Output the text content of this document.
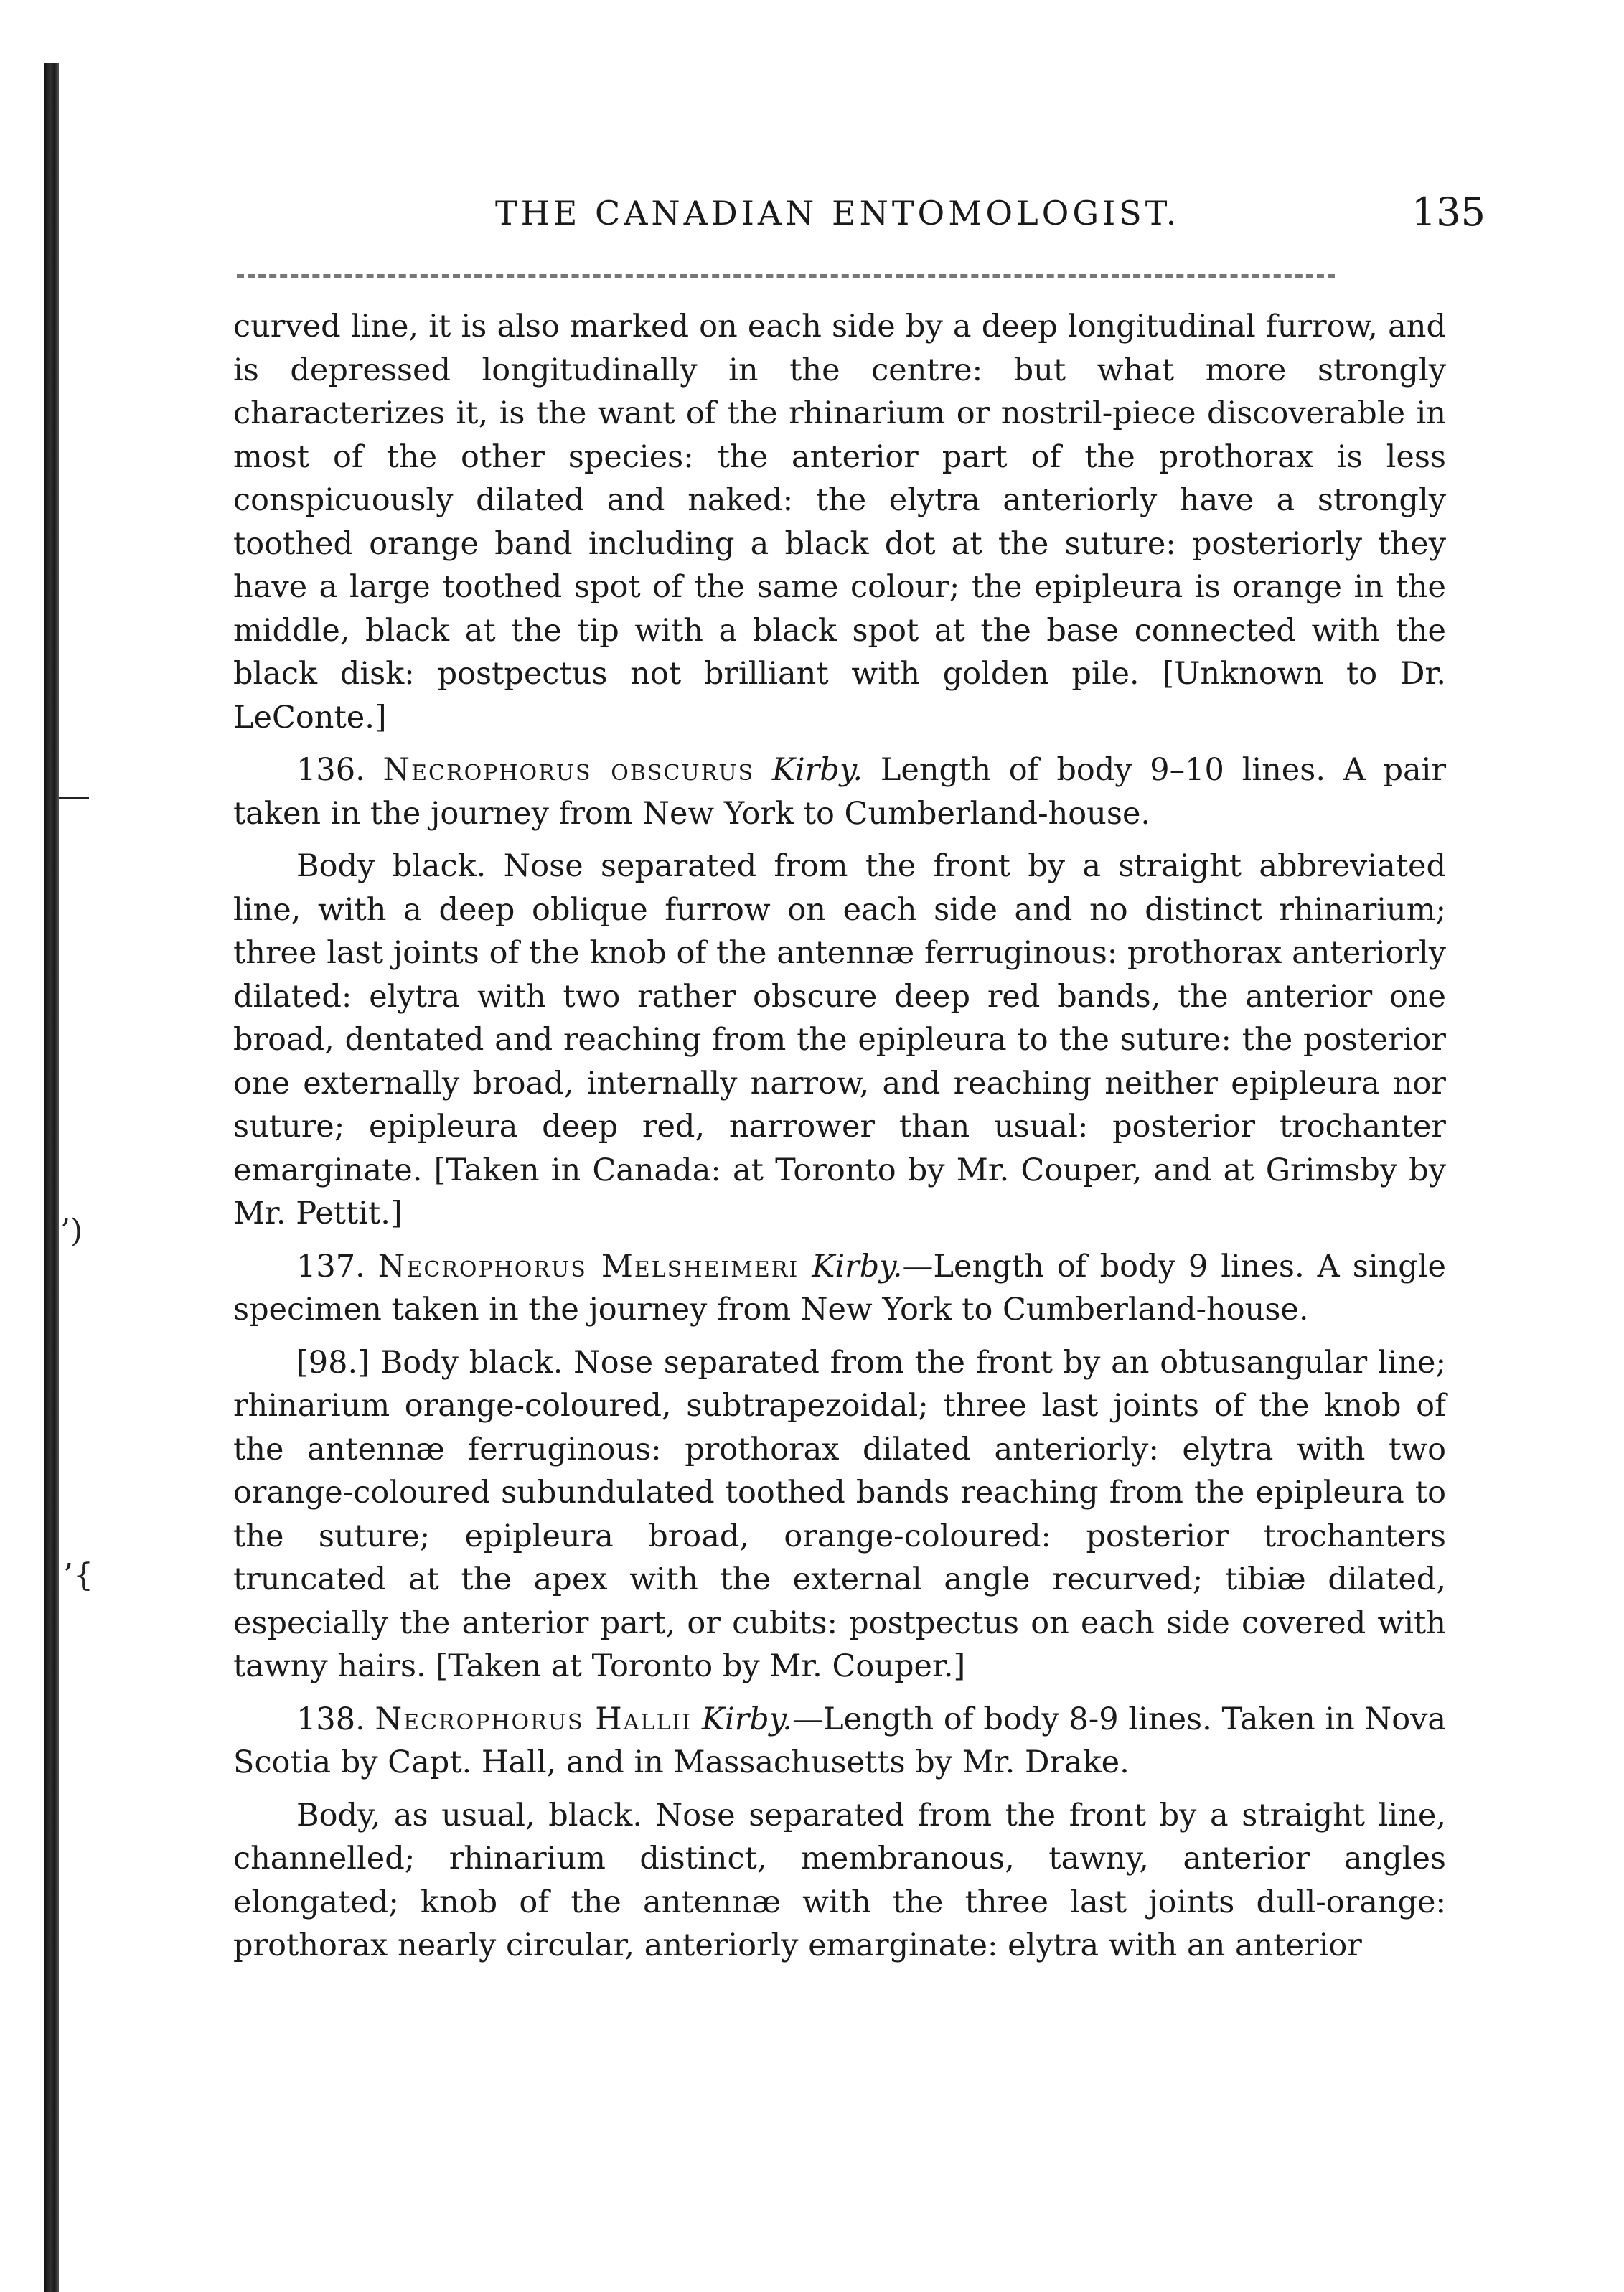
THE CANADIAN ENTOMOLOGIST.	135
’)
’{

curved line, it is also marked on each side by a deep longitudinal furrow, and is depressed longitudinally in the centre: but what more strongly characterizes it, is the want of the rhinarium or nostril-piece discoverable in most of the other species: the anterior part of the prothorax is less conspicuously dilated and naked: the elytra anteriorly have a strongly toothed orange band including a black dot at the suture: posteriorly they have a large toothed spot of the same colour; the epipleura is orange in the middle, black at the tip with a black spot at the base connected with the black disk: postpectus not brilliant with golden pile. [Unknown to Dr. LeConte.]

136. Necrophorus obscurus Kirby. Length of body 9–10 lines. A pair taken in the journey from New York to Cumberland-house.

Body black. Nose separated from the front by a straight abbreviated line, with a deep oblique furrow on each side and no distinct rhinarium; three last joints of the knob of the antennæ ferruginous: prothorax anteriorly dilated: elytra with two rather obscure deep red bands, the anterior one broad, dentated and reaching from the epipleura to the suture: the posterior one externally broad, internally narrow, and reaching neither epipleura nor suture; epipleura deep red, narrower than usual: posterior trochanter emarginate. [Taken in Canada: at Toronto by Mr. Couper, and at Grimsby by Mr. Pettit.]

137. Necrophorus Melsheimeri Kirby.—Length of body 9 lines. A single specimen taken in the journey from New York to Cumberland-house.

[98.] Body black. Nose separated from the front by an obtusangular line; rhinarium orange-coloured, subtrapezoidal; three last joints of the knob of the antennæ ferruginous: prothorax dilated anteriorly: elytra with two orange-coloured subundulated toothed bands reaching from the epipleura to the suture; epipleura broad, orange-coloured: posterior trochanters truncated at the apex with the external angle recurved; tibiæ dilated, especially the anterior part, or cubits: postpectus on each side covered with tawny hairs. [Taken at Toronto by Mr. Couper.]

138. Necrophorus Hallii Kirby.—Length of body 8-9 lines. Taken in Nova Scotia by Capt. Hall, and in Massachusetts by Mr. Drake.

Body, as usual, black. Nose separated from the front by a straight line, channelled; rhinarium distinct, membranous, tawny, anterior angles elongated; knob of the antennæ with the three last joints dull-orange: prothorax nearly circular, anteriorly emarginate: elytra with an anterior
